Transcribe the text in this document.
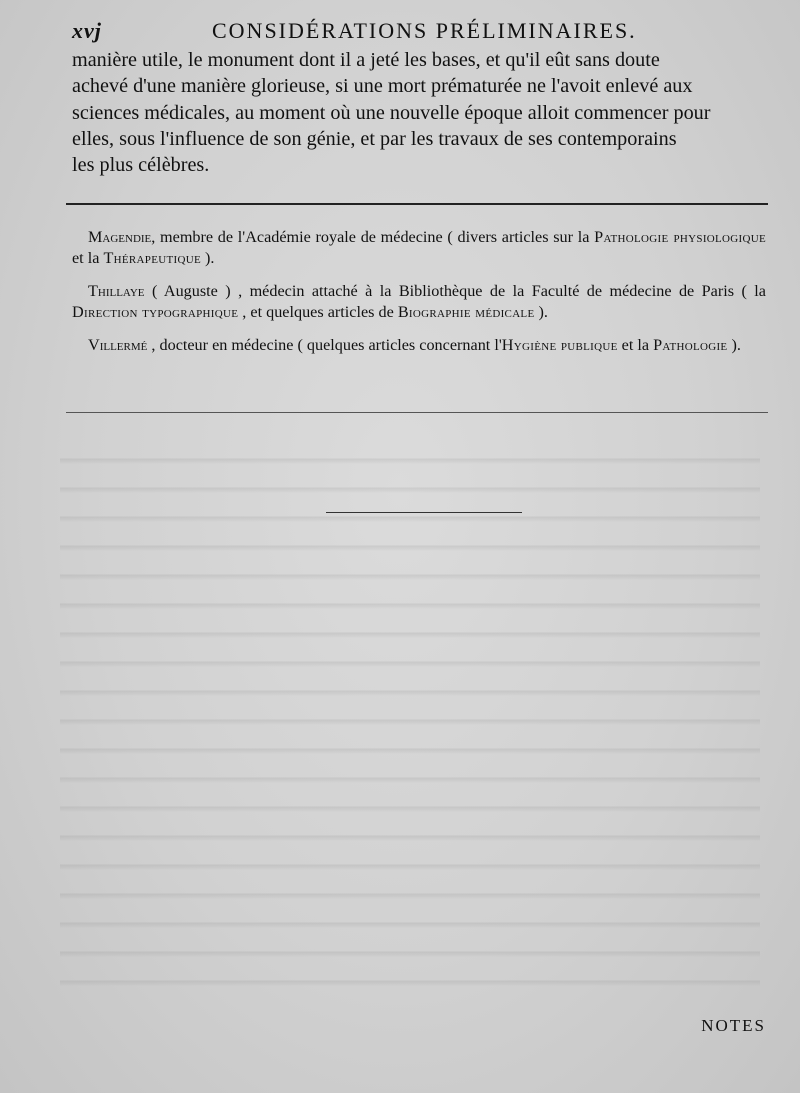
xvj	CONSIDÉRATIONS PRÉLIMINAIRES.
manière utile, le monument dont il a jeté les bases, et qu'il eût sans doute
achevé d'une manière glorieuse, si une mort prématurée ne l'avoit enlevé aux
sciences médicales, au moment où une nouvelle époque alloit commencer pour
elles, sous l'influence de son génie, et par les travaux de ses contemporains
les plus célèbres.

Magendie, membre de l'Académie royale de médecine ( divers articles sur la Pathologie physiologique et la Thérapeutique ).

Thillaye ( Auguste ) , médecin attaché à la Bibliothèque de la Faculté de médecine de Paris ( la Direction typographique , et quelques articles de Biographie médicale ).

Villermé , docteur en médecine ( quelques articles concernant l'Hygiène publique et la Pathologie ).

NOTES
